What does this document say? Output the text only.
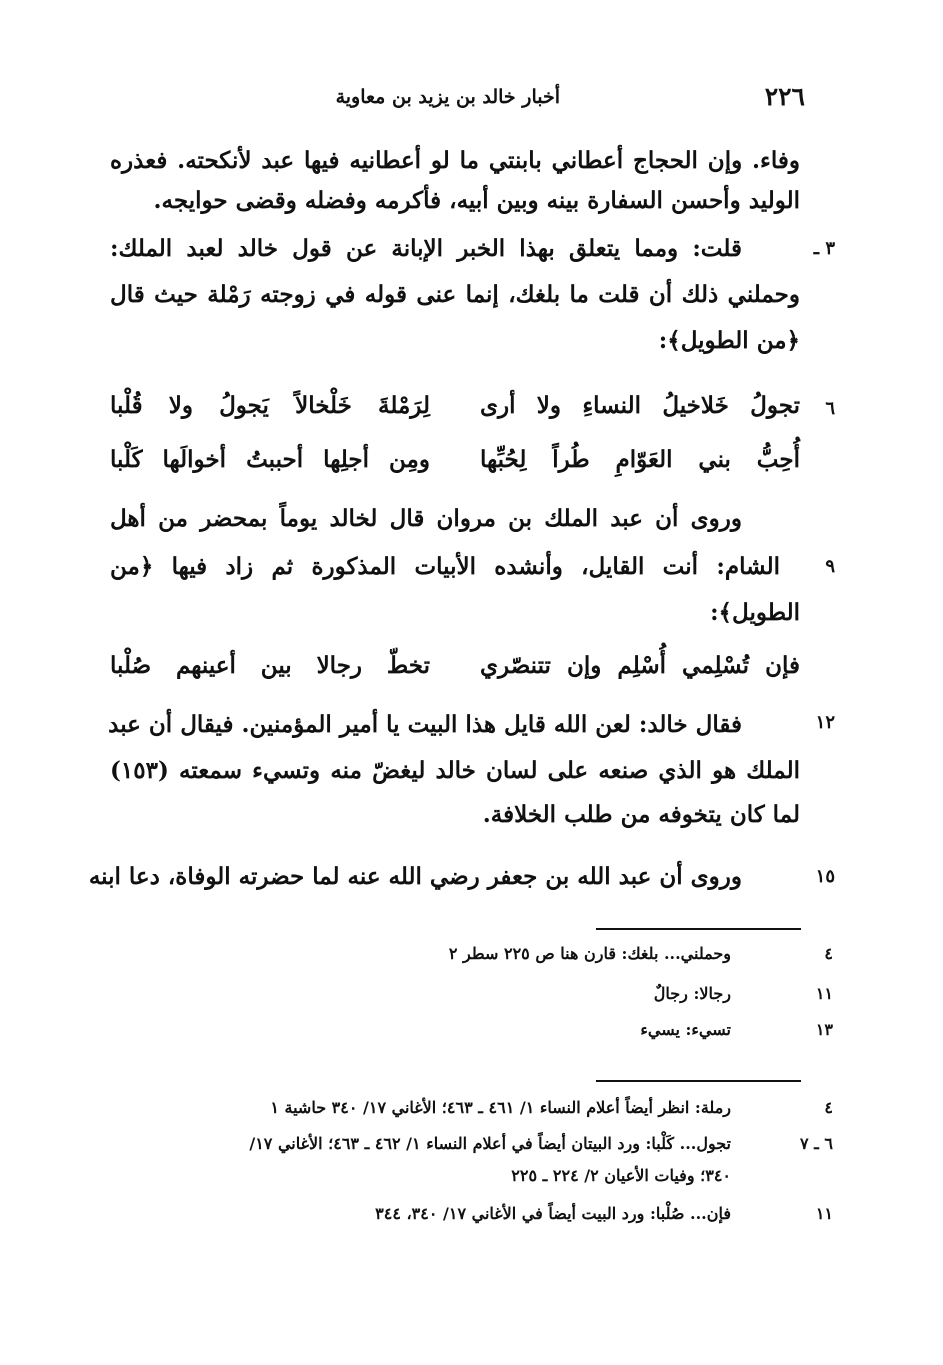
٢٢٦
أخبار خالد بن يزيد بن معاوية
وفاء. وإن الحجاج أعطاني بابنتي ما لو أعطانيه فيها عبد لأنكحته. فعذره
الوليد وأحسن السفارة بينه وبين أبيه، فأكرمه وفضله وقضى حوايجه.
٣ ـ
قلت: ومما يتعلق بهذا الخبر الإبانة عن قول خالد لعبد الملك:
وحملني ذلك أن قلت ما بلغك، إنما عنى قوله في زوجته رَمْلة حيث قال
﴿من الطويل﴾:
٦
تجولُ خَلاخيلُ النساءِ ولا أرى
لِرَمْلةَ خَلْخالاً يَجولُ ولا قُلْبا
أُحِبُّ بني العَوّامِ طُراً لِحُبِّها
ومِن أجلِها أحببتُ أخوالَها كَلْبا
وروى أن عبد الملك بن مروان قال لخالد يوماً بمحضر من أهل
٩
الشام: أنت القايل، وأنشده الأبيات المذكورة ثم زاد فيها ﴿من
الطويل﴾:
فإن تُسْلِمي أُسْلِم وإن تتنصّري
تخطّ رجالا بين أعينهم صُلْبا
١٢
فقال خالد: لعن الله قايل هذا البيت يا أمير المؤمنين. فيقال أن عبد
الملك هو الذي صنعه على لسان خالد ليغضّ منه وتسيء سمعته (١٥٣)
لما كان يتخوفه من طلب الخلافة.
١٥
وروى أن عبد الله بن جعفر رضي الله عنه لما حضرته الوفاة، دعا ابنه
٤
وحملني... بلغك: قارن هنا ص ٢٢٥ سطر ٢
١١
رجالا: رجالٌ
١٣
تسيء: يسيء
٤
رملة: انظر أيضاً أعلام النساء ١/ ٤٦١ ـ ٤٦٣؛ الأغاني ١٧/ ٣٤٠ حاشية ١
٦ ـ ٧
تجول... كَلْبا: ورد البيتان أيضاً في أعلام النساء ١/ ٤٦٢ ـ ٤٦٣؛ الأغاني ١٧/
٣٤٠؛ وفيات الأعيان ٢/ ٢٢٤ ـ ٢٢٥
١١
فإن... صُلْبا: ورد البيت أيضاً في الأغاني ١٧/ ٣٤٠، ٣٤٤
